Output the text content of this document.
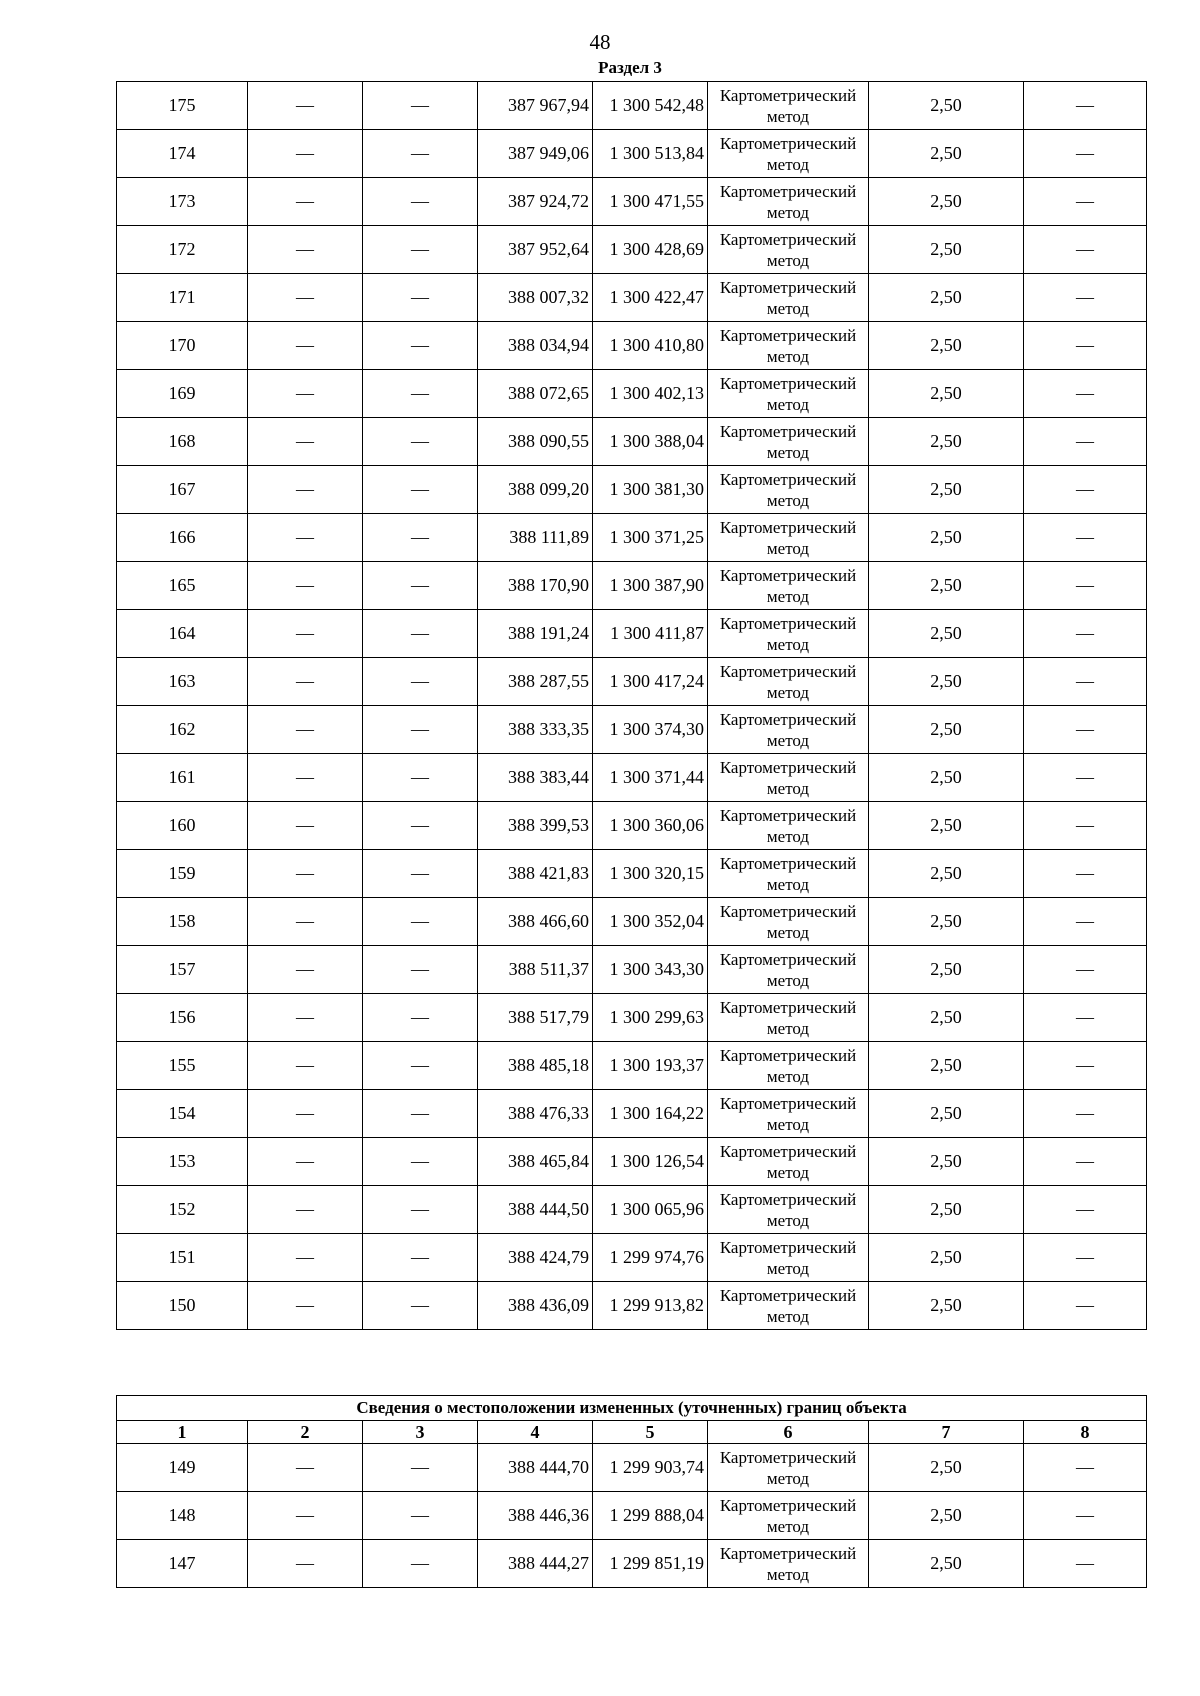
48
Раздел 3
175	—	—	387 967,94	1 300 542,48	Картометрический метод	2,50	—
174	—	—	387 949,06	1 300 513,84	Картометрический метод	2,50	—
173	—	—	387 924,72	1 300 471,55	Картометрический метод	2,50	—
172	—	—	387 952,64	1 300 428,69	Картометрический метод	2,50	—
171	—	—	388 007,32	1 300 422,47	Картометрический метод	2,50	—
170	—	—	388 034,94	1 300 410,80	Картометрический метод	2,50	—
169	—	—	388 072,65	1 300 402,13	Картометрический метод	2,50	—
168	—	—	388 090,55	1 300 388,04	Картометрический метод	2,50	—
167	—	—	388 099,20	1 300 381,30	Картометрический метод	2,50	—
166	—	—	388 111,89	1 300 371,25	Картометрический метод	2,50	—
165	—	—	388 170,90	1 300 387,90	Картометрический метод	2,50	—
164	—	—	388 191,24	1 300 411,87	Картометрический метод	2,50	—
163	—	—	388 287,55	1 300 417,24	Картометрический метод	2,50	—
162	—	—	388 333,35	1 300 374,30	Картометрический метод	2,50	—
161	—	—	388 383,44	1 300 371,44	Картометрический метод	2,50	—
160	—	—	388 399,53	1 300 360,06	Картометрический метод	2,50	—
159	—	—	388 421,83	1 300 320,15	Картометрический метод	2,50	—
158	—	—	388 466,60	1 300 352,04	Картометрический метод	2,50	—
157	—	—	388 511,37	1 300 343,30	Картометрический метод	2,50	—
156	—	—	388 517,79	1 300 299,63	Картометрический метод	2,50	—
155	—	—	388 485,18	1 300 193,37	Картометрический метод	2,50	—
154	—	—	388 476,33	1 300 164,22	Картометрический метод	2,50	—
153	—	—	388 465,84	1 300 126,54	Картометрический метод	2,50	—
152	—	—	388 444,50	1 300 065,96	Картометрический метод	2,50	—
151	—	—	388 424,79	1 299 974,76	Картометрический метод	2,50	—
150	—	—	388 436,09	1 299 913,82	Картометрический метод	2,50	—
Сведения о местоположении измененных (уточненных) границ объекта							
1	2	3	4	5	6	7	8
149	—	—	388 444,70	1 299 903,74	Картометрический метод	2,50	—
148	—	—	388 446,36	1 299 888,04	Картометрический метод	2,50	—
147	—	—	388 444,27	1 299 851,19	Картометрический метод	2,50	—
